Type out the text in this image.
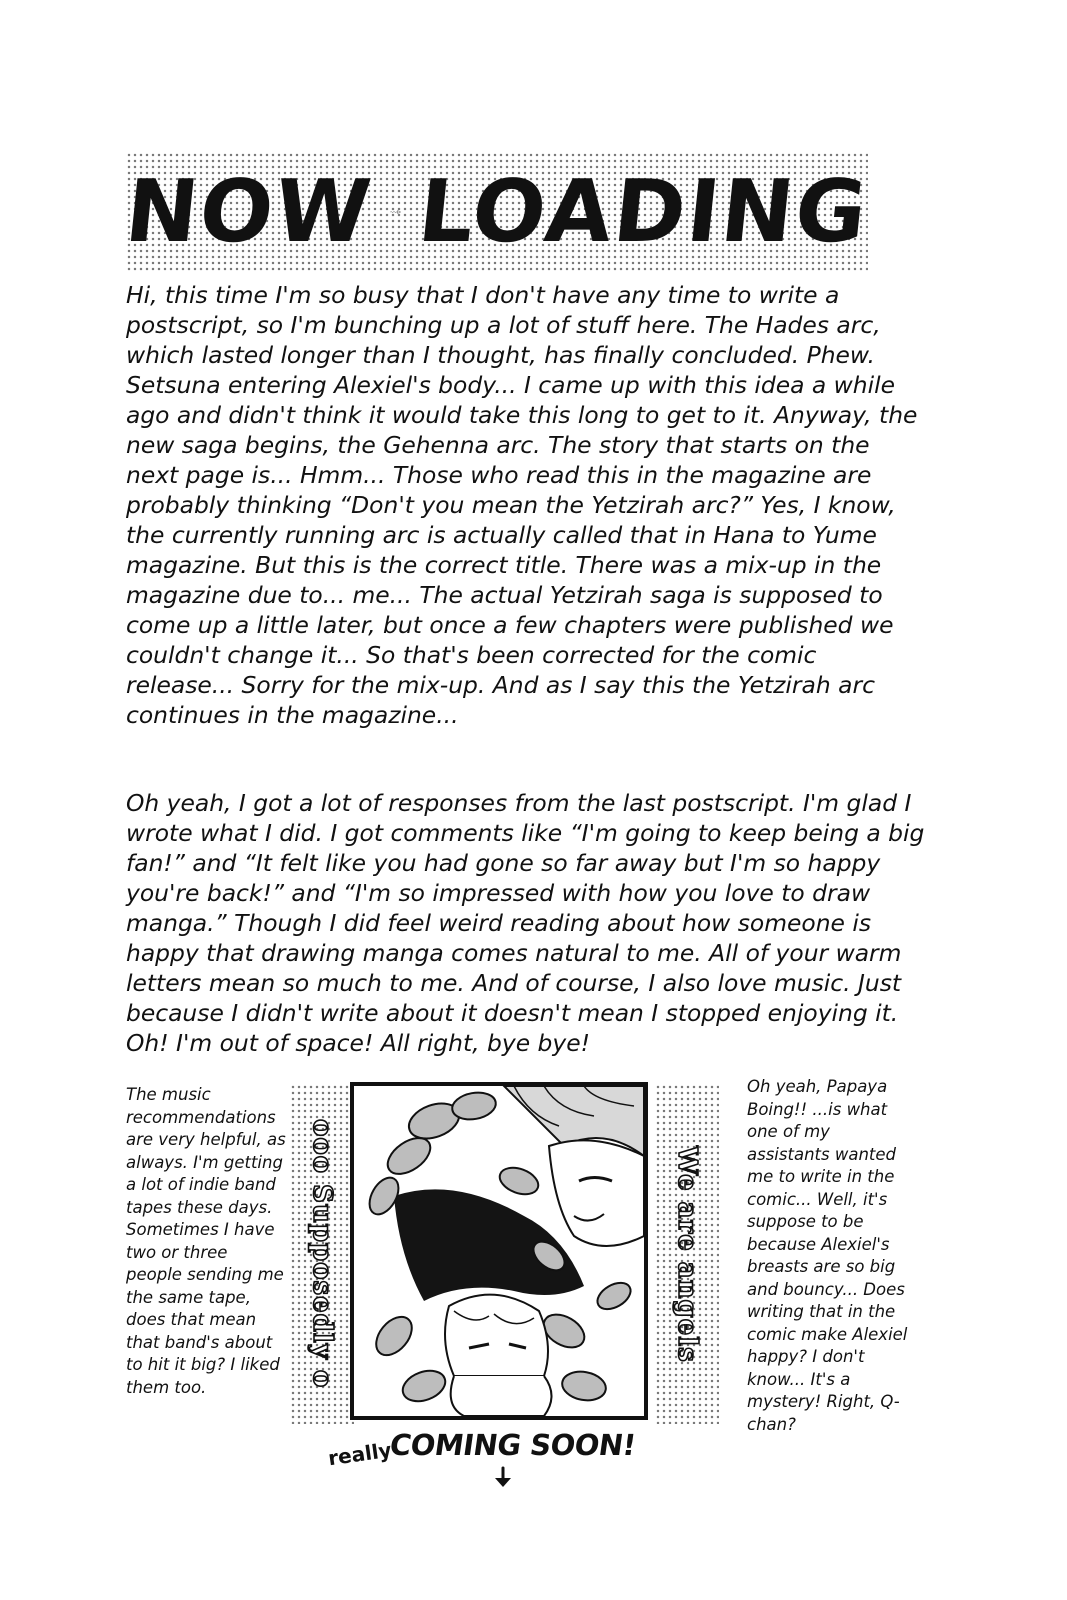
NOW LOADING

Hi, this time I'm so busy that I don't have any time to write a postscript, so I'm bunching up a lot of stuff here. The Hades arc, which lasted longer than I thought, has finally concluded. Phew. Setsuna entering Alexiel's body... I came up with this idea a while ago and didn't think it would take this long to get to it. Anyway, the new saga begins, the Gehenna arc. The story that starts on the next page is... Hmm... Those who read this in the magazine are probably thinking “Don't you mean the Yetzirah arc?” Yes, I know, the currently running arc is actually called that in Hana to Yume magazine. But this is the correct title. There was a mix-up in the magazine due to... me... The actual Yetzirah saga is supposed to come up a little later, but once a few chapters were published we couldn't change it... So that's been corrected for the comic release... Sorry for the mix-up. And as I say this the Yetzirah arc continues in the magazine...

Oh yeah, I got a lot of responses from the last postscript. I'm glad I wrote what I did. I got comments like “I'm going to keep being a big fan!” and “It felt like you had gone so far away but I'm so happy you're back!” and “I'm so impressed with how you love to draw manga.” Though I did feel weird reading about how someone is happy that drawing manga comes natural to me. All of your warm letters mean so much to me. And of course, I also love music. Just because I didn't write about it doesn't mean I stopped enjoying it. Oh! I'm out of space! All right, bye bye!

The music recommendations are very helpful, as always. I'm getting a lot of indie band tapes these days. Sometimes I have two or three people sending me the same tape, does that mean that band's about to hit it big? I liked them too.	ooo Supposedly o	We are angels

Oh yeah, Papaya Boing!! ...is what one of my assistants wanted me to write in the comic... Well, it's suppose to be because Alexiel's breasts are so big and bouncy... Does writing that in the comic make Alexiel happy? I don't know... It's a mystery! Right, Q-chan?

really
COMING SOON!
